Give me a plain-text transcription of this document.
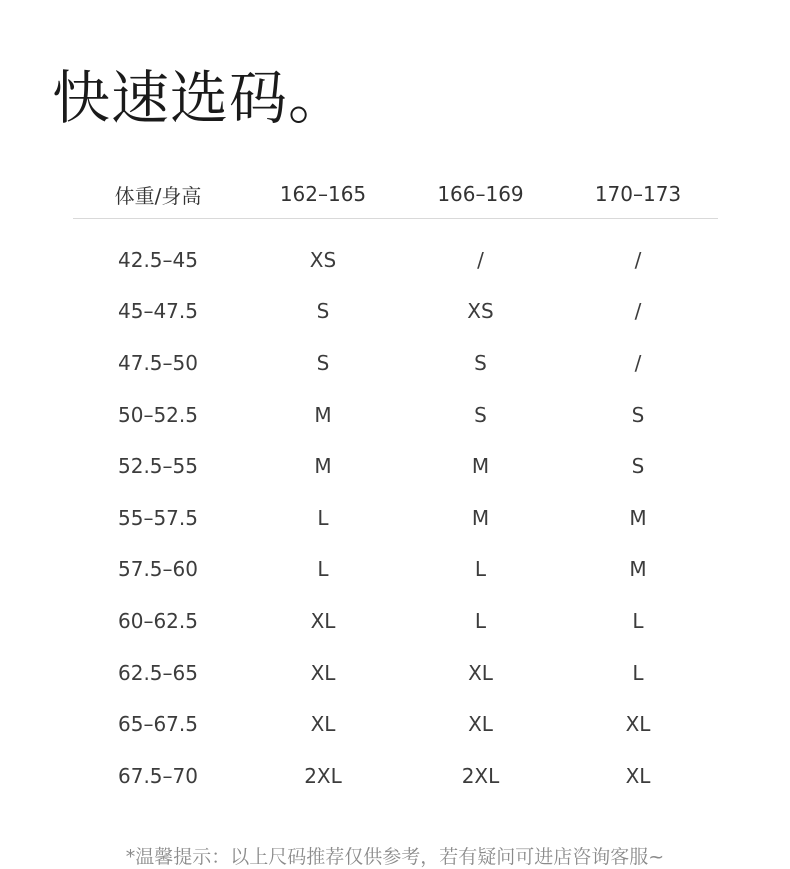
快速选码。
体重/身高	162–165	166–169	170–173
42.5–45	XS	/	/
45–47.5	S	XS	/
47.5–50	S	S	/
50–52.5	M	S	S
52.5–55	M	M	S
55–57.5	L	M	M
57.5–60	L	L	M
60–62.5	XL	L	L
62.5–65	XL	XL	L
65–67.5	XL	XL	XL
67.5–70	2XL	2XL	XL
*温馨提示：以上尺码推荐仅供参考，若有疑问可进店咨询客服~
